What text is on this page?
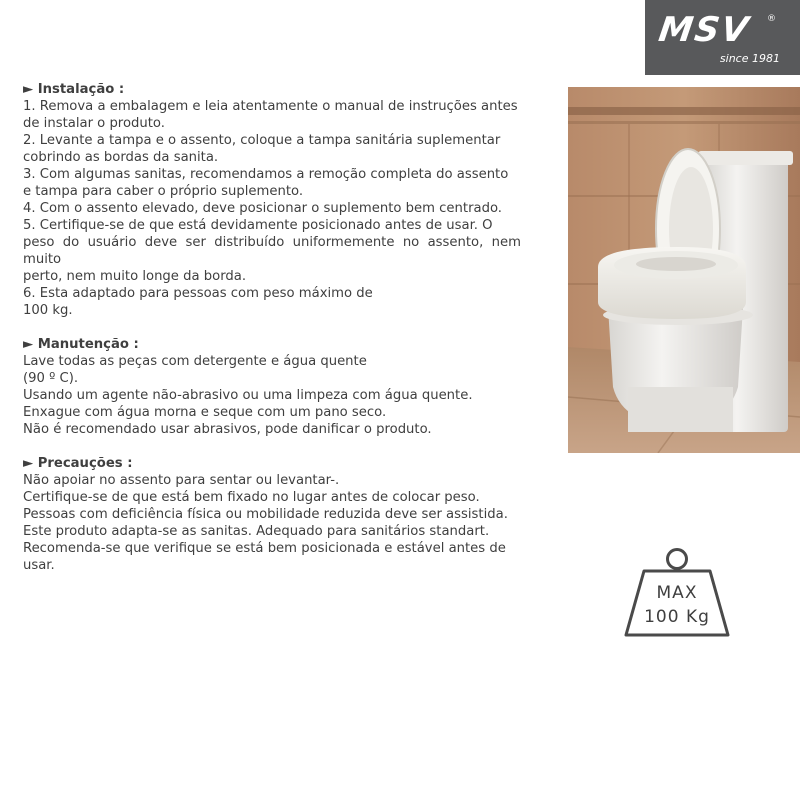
MSV ®
since 1981
► Instalação :
1. Remova a embalagem e leia atentamente o manual de instruções antes
de instalar o produto.
2. Levante a tampa e o assento, coloque a tampa sanitária suplementar
cobrindo as bordas da sanita.
3. Com algumas sanitas, recomendamos a remoção completa do assento
e tampa para caber o próprio suplemento.
4. Com o assento elevado, deve posicionar o suplemento bem centrado.
5. Certifique-se de que está devidamente posicionado antes de usar. O
peso do usuário deve ser distribuído uniformemente no assento, nem muito
perto, nem muito longe da borda.
6. Esta adaptado para pessoas com peso máximo de
100 kg.
► Manutenção :
Lave todas as peças com detergente e água quente
(90 º C).
Usando um agente não-abrasivo ou uma limpeza com água quente.
Enxague com água morna e seque com um pano seco.
Não é recomendado usar abrasivos, pode danificar o produto.
► Precauções :
Não apoiar no assento para sentar ou levantar-.
Certifique-se de que está bem fixado no lugar antes de colocar peso.
Pessoas com deficiência física ou mobilidade reduzida deve ser assistida.
Este produto adapta-se as sanitas. Adequado para sanitários standart.
Recomenda-se que verifique se está bem posicionada e estável antes de
usar.
MAX
100 Kg
